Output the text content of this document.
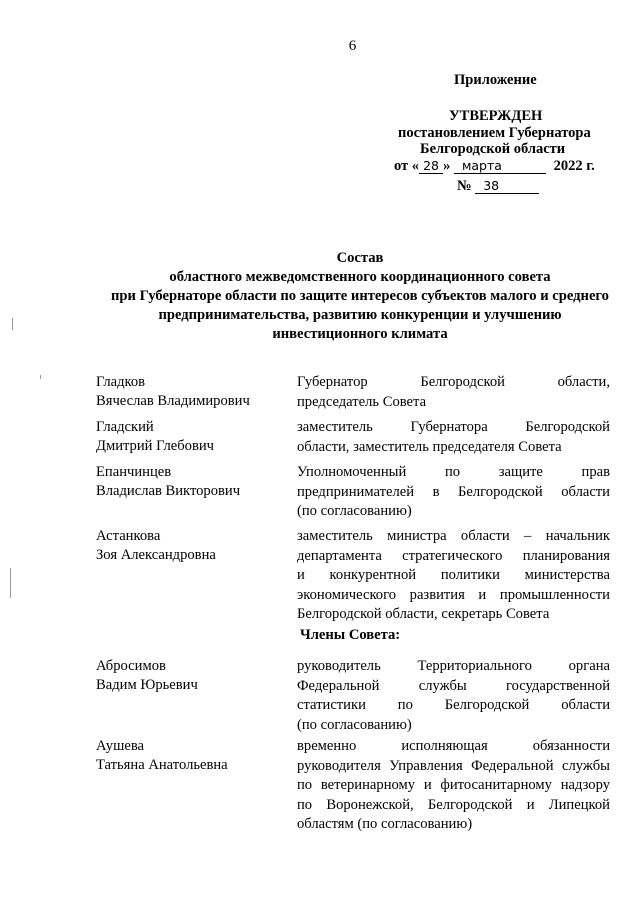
6
Приложение
УТВЕРЖДЕН
постановлением Губернатора
Белгородской области
от « 28 » марта	2022 г.
№ 38
Состав
областного межведомственного координационного совета
при Губернаторе области по защите интересов субъектов малого и среднего
предпринимательства, развитию конкуренции и улучшению
инвестиционного климата
Гладков
Вячеслав Владимирович
Губернатор Белгородской области,
председатель Совета
Гладский
Дмитрий Глебович
заместитель Губернатора Белгородской
области, заместитель председателя Совета
Епанчинцев
Владислав Викторович
Уполномоченный по защите прав
предпринимателей в Белгородской области
(по согласованию)
Астанкова
Зоя Александровна
заместитель министра области – начальник
департамента стратегического планирования
и конкурентной политики министерства
экономического развития и промышленности
Белгородской области, секретарь Совета
Члены Совета:
Абросимов
Вадим Юрьевич
руководитель Территориального органа
Федеральной службы государственной
статистики по Белгородской области
(по согласованию)
Аушева
Татьяна Анатольевна
временно исполняющая обязанности
руководителя Управления Федеральной службы
по ветеринарному и фитосанитарному надзору
по Воронежской, Белгородской и Липецкой
областям (по согласованию)
